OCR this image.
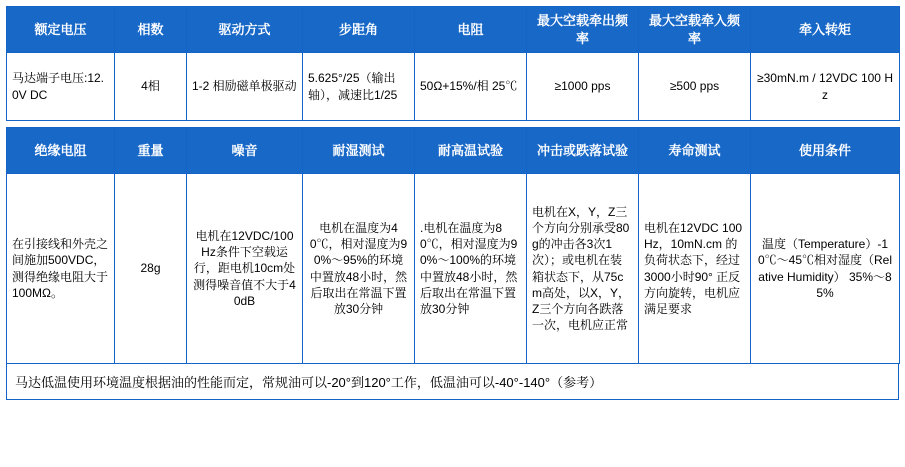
额定电压	相数	驱动方式	步距角	电阻	最大空载牵出频率	最大空载牵入频率	牵入转矩
马达端子电压:12.0V DC	4相	1-2 相励磁单极驱动	5.625°/25（输出轴），减速比1/25	50Ω+15%/相 25℃	≥1000 pps	≥500 pps	≥30mN.m / 12VDC 100 Hz
绝缘电阻	重量	噪音	耐湿测试	耐高温试验	冲击或跌落试验	寿命测试	使用条件
在引接线和外壳之间施加500VDC，测得绝缘电阻大于100MΩ。	28g	电机在12VDC/100Hz条件下空载运行，距电机10cm处测得噪音值不大于40dB	电机在温度为40℃，相对湿度为90%～95%的环境中置放48小时，然后取出在常温下置放30分钟	.电机在温度为80℃，相对湿度为90%～100%的环境中置放48小时，然后取出在常温下置放30分钟	电机在X，Y，Z三个方向分别承受80g的冲击各3次1次）；或电机在装箱状态下，从75cm高处，以X，Y，Z三个方向各跌落一次，电机应正常	电机在12VDC 100Hz，10mN.cm 的负荷状态下，经过3000小时90° 正反方向旋转，电机应满足要求	温度（Temperature）-10℃～45℃相对湿度（Relative Humidity） 35%～85%
马达低温使用环境温度根据油的性能而定，常规油可以-20°到120°工作，低温油可以-40°-140°（参考）
